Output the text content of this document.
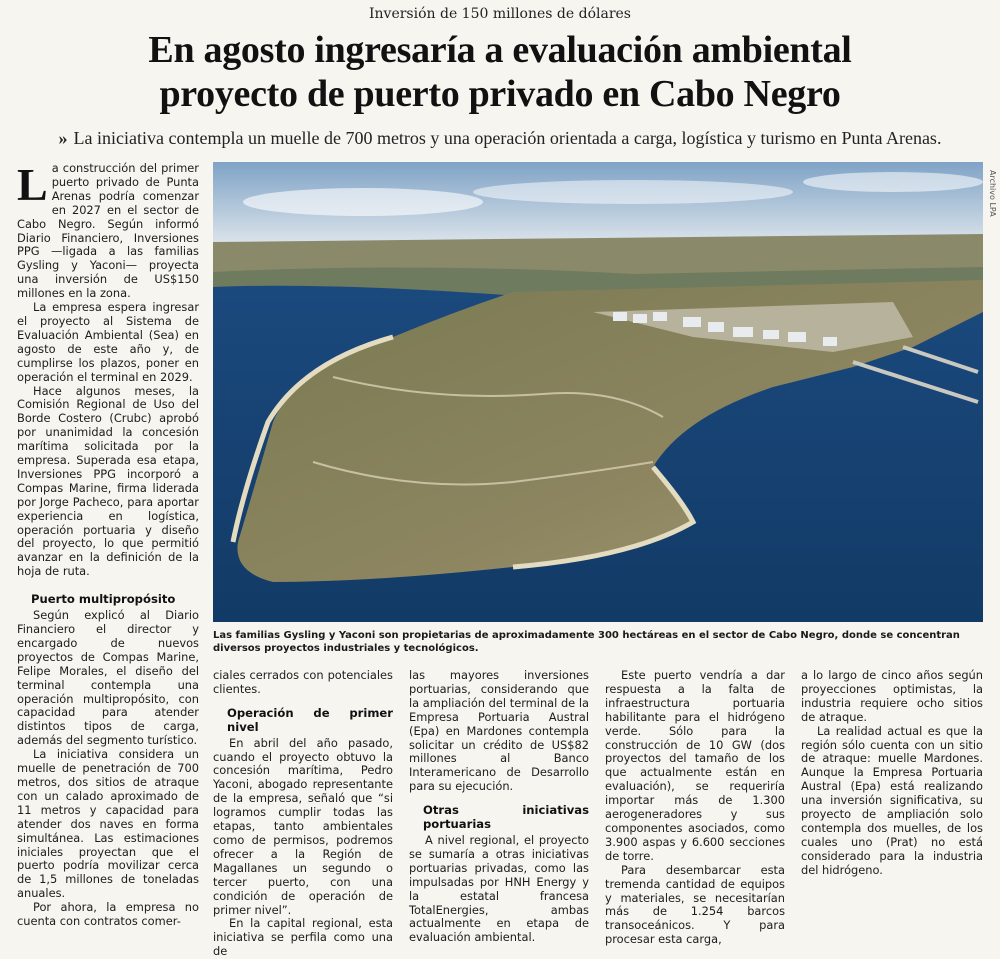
Inversión de 150 millones de dólares
En agosto ingresaría a evaluación ambiental
proyecto de puerto privado en Cabo Negro
» La iniciativa contempla un muelle de 700 metros y una operación orientada a carga, logística y turismo en Punta Arenas.

La construcción del primer puerto privado de Punta Arenas podría comenzar en 2027 en el sector de Cabo Negro. Según informó Diario Financiero, Inversiones PPG —ligada a las familias Gysling y Yaconi— proyecta una inversión de US$150 millones en la zona.

La empresa espera ingresar el proyecto al Sistema de Evaluación Ambiental (Sea) en agosto de este año y, de cumplirse los plazos, poner en operación el terminal en 2029.

Hace algunos meses, la Comisión Regional de Uso del Borde Costero (Crubc) aprobó por unanimidad la concesión marítima solicitada por la empresa. Superada esa etapa, Inversiones PPG incorporó a Compas Marine, firma liderada por Jorge Pacheco, para aportar experiencia en logística, operación portuaria y diseño del proyecto, lo que permitió avanzar en la definición de la hoja de ruta.

Puerto multipropósito

Según explicó al Diario Financiero el director y encargado de nuevos proyectos de Compas Marine, Felipe Morales, el diseño del terminal contempla una operación multipropósito, con capacidad para atender distintos tipos de carga, además del segmento turístico.

La iniciativa considera un muelle de penetración de 700 metros, dos sitios de atraque con un calado aproximado de 11 metros y capacidad para atender dos naves en forma simultánea. Las estimaciones iniciales proyectan que el puerto podría movilizar cerca de 1,5 millones de toneladas anuales.

Por ahora, la empresa no cuenta con contratos comer-

Archivo LPA
Las familias Gysling y Yaconi son propietarias de aproximadamente 300 hectáreas en el sector de Cabo Negro, donde se concentran diversos proyectos industriales y tecnológicos.

ciales cerrados con potenciales clientes.

Operación de primer nivel

En abril del año pasado, cuando el proyecto obtuvo la concesión marítima, Pedro Yaconi, abogado representante de la empresa, señaló que “si logramos cumplir todas las etapas, tanto ambientales como de permisos, podremos ofrecer a la Región de Magallanes un segundo o tercer puerto, con una condición de operación de primer nivel”.

En la capital regional, esta iniciativa se perfila como una de

las mayores inversiones portuarias, considerando que la ampliación del terminal de la Empresa Portuaria Austral (Epa) en Mardones contempla solicitar un crédito de US$82 millones al Banco Interamericano de Desarrollo para su ejecución.

Otras iniciativas portuarias

A nivel regional, el proyecto se sumaría a otras iniciativas portuarias privadas, como las impulsadas por HNH Energy y la estatal francesa TotalEnergies, ambas actualmente en etapa de evaluación ambiental.

Este puerto vendría a dar respuesta a la falta de infraestructura portuaria habilitante para el hidrógeno verde. Sólo para la construcción de 10 GW (dos proyectos del tamaño de los que actualmente están en evaluación), se requeriría importar más de 1.300 aerogeneradores y sus componentes asociados, como 3.900 aspas y 6.600 secciones de torre.

Para desembarcar esta tremenda cantidad de equipos y materiales, se necesitarían más de 1.254 barcos transoceánicos. Y para procesar esta carga,

a lo largo de cinco años según proyecciones optimistas, la industria requiere ocho sitios de atraque.

La realidad actual es que la región sólo cuenta con un sitio de atraque: muelle Mardones. Aunque la Empresa Portuaria Austral (Epa) está realizando una inversión significativa, su proyecto de ampliación solo contempla dos muelles, de los cuales uno (Prat) no está considerado para la industria del hidrógeno.
